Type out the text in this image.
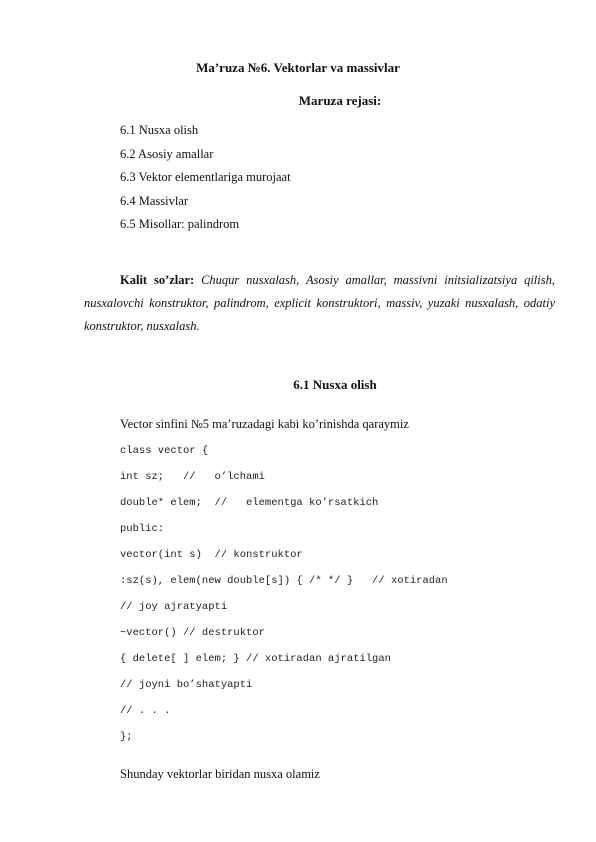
Ma’ruza №6. Vektorlar va massivlar
Maruza rejasi:
6.1 Nusxa olish
6.2 Asosiy amallar
6.3 Vektor elementlariga murojaat
6.4 Massivlar
6.5 Misollar: palindrom

Kalit so’zlar: Chuqur nusxalash, Asosiy amallar, massivni initsializatsiya qilish, nusxalovchi konstruktor, palindrom, explicit konstruktori, massiv, yuzaki nusxalash, odatiy konstruktor, nusxalash.

6.1 Nusxa olish
Vector sinfini №5 ma’ruzadagi kabi ko’rinishda qaraymiz
class vector {
int sz;   //   o’lchami
double* elem;  //   elementga ko’rsatkich
public:
vector(int s)  // konstruktor
:sz(s), elem(new double[s]) { /* */ }   // xotiradan
// joy ajratyapti
~vector() // destruktor
{ delete[ ] elem; } // xotiradan ajratilgan
// joyni bo’shatyapti
// . . .
};
Shunday vektorlar biridan nusxa olamiz
